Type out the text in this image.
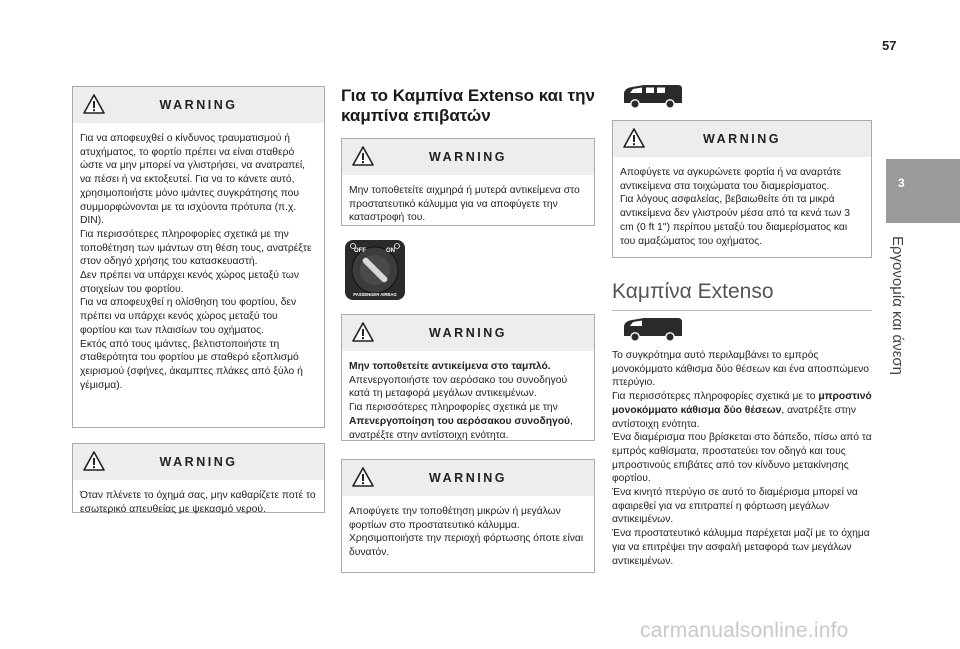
57
3
Εργονομία και άνεση
WARNING

Για να αποφευχθεί ο κίνδυνος τραυματισμού ή ατυχήματος, το φορτίο πρέπει να είναι σταθερό ώστε να μην μπορεί να γλιστρήσει, να ανατραπεί, να πέσει ή να εκτοξευτεί. Για να το κάνετε αυτό, χρησιμοποιήστε μόνο ιμάντες συγκράτησης που συμμορφώνονται με τα ισχύοντα πρότυπα (π.χ. DIN).

Για περισσότερες πληροφορίες σχετικά με την τοποθέτηση των ιμάντων στη θέση τους, ανατρέξτε στον οδηγό χρήσης του κατασκευαστή.

Δεν πρέπει να υπάρχει κενός χώρος μεταξύ των στοιχείων του φορτίου.

Για να αποφευχθεί η ολίσθηση του φορτίου, δεν πρέπει να υπάρχει κενός χώρος μεταξύ του φορτίου και των πλαισίων του οχήματος.

Εκτός από τους ιμάντες, βελτιστοποιήστε τη σταθερότητα του φορτίου με σταθερό εξοπλισμό χειρισμού (σφήνες, άκαμπτες πλάκες από ξύλο ή γέμισμα).

WARNING

Όταν πλένετε το όχημά σας, μην καθαρίζετε ποτέ το εσωτερικό απευθείας με ψεκασμό νερού.

Για το Καμπίνα Extenso και την καμπίνα επιβατών
WARNING

Μην τοποθετείτε αιχμηρά ή μυτερά αντικείμενα στο προστατευτικό κάλυμμα για να αποφύγετε την καταστροφή του.

OFF	ON
PASSENGER AIRBAG
WARNING

Μην τοποθετείτε αντικείμενα στο ταμπλό.

Απενεργοποιήστε τον αερόσακο του συνοδηγού κατά τη μεταφορά μεγάλων αντικειμένων.

Για περισσότερες πληροφορίες σχετικά με την Απενεργοποίηση του αερόσακου συνοδηγού, ανατρέξτε στην αντίστοιχη ενότητα.

WARNING

Αποφύγετε την τοποθέτηση μικρών ή μεγάλων φορτίων στο προστατευτικό κάλυμμα.

Χρησιμοποιήστε την περιοχή φόρτωσης όποτε είναι δυνατόν.

WARNING

Αποφύγετε να αγκυρώνετε φορτία ή να αναρτάτε αντικείμενα στα τοιχώματα του διαμερίσματος.

Για λόγους ασφαλείας, βεβαιωθείτε ότι τα μικρά αντικείμενα δεν γλιστρούν μέσα από τα κενά των 3 cm (0 ft 1") περίπου μεταξύ του διαμερίσματος και του αμαξώματος του οχήματος.

Καμπίνα Extenso

Το συγκρότημα αυτό περιλαμβάνει το εμπρός μονοκόμματο κάθισμα δύο θέσεων και ένα αποσπώμενο πτερύγιο.

Για περισσότερες πληροφορίες σχετικά με το μπροστινό μονοκόμματο κάθισμα δύο θέσεων, ανατρέξτε στην αντίστοιχη ενότητα.

Ένα διαμέρισμα που βρίσκεται στο δάπεδο, πίσω από τα εμπρός καθίσματα, προστατεύει τον οδηγό και τους μπροστινούς επιβάτες από τον κίνδυνο μετακίνησης φορτίου.

Ένα κινητό πτερύγιο σε αυτό το διαμέρισμα μπορεί να αφαιρεθεί για να επιτραπεί η φόρτωση μεγάλων αντικειμένων.

Ένα προστατευτικό κάλυμμα παρέχεται μαζί με το όχημα για να επιτρέψει την ασφαλή μεταφορά των μεγάλων αντικειμένων.

carmanualsonline.info
